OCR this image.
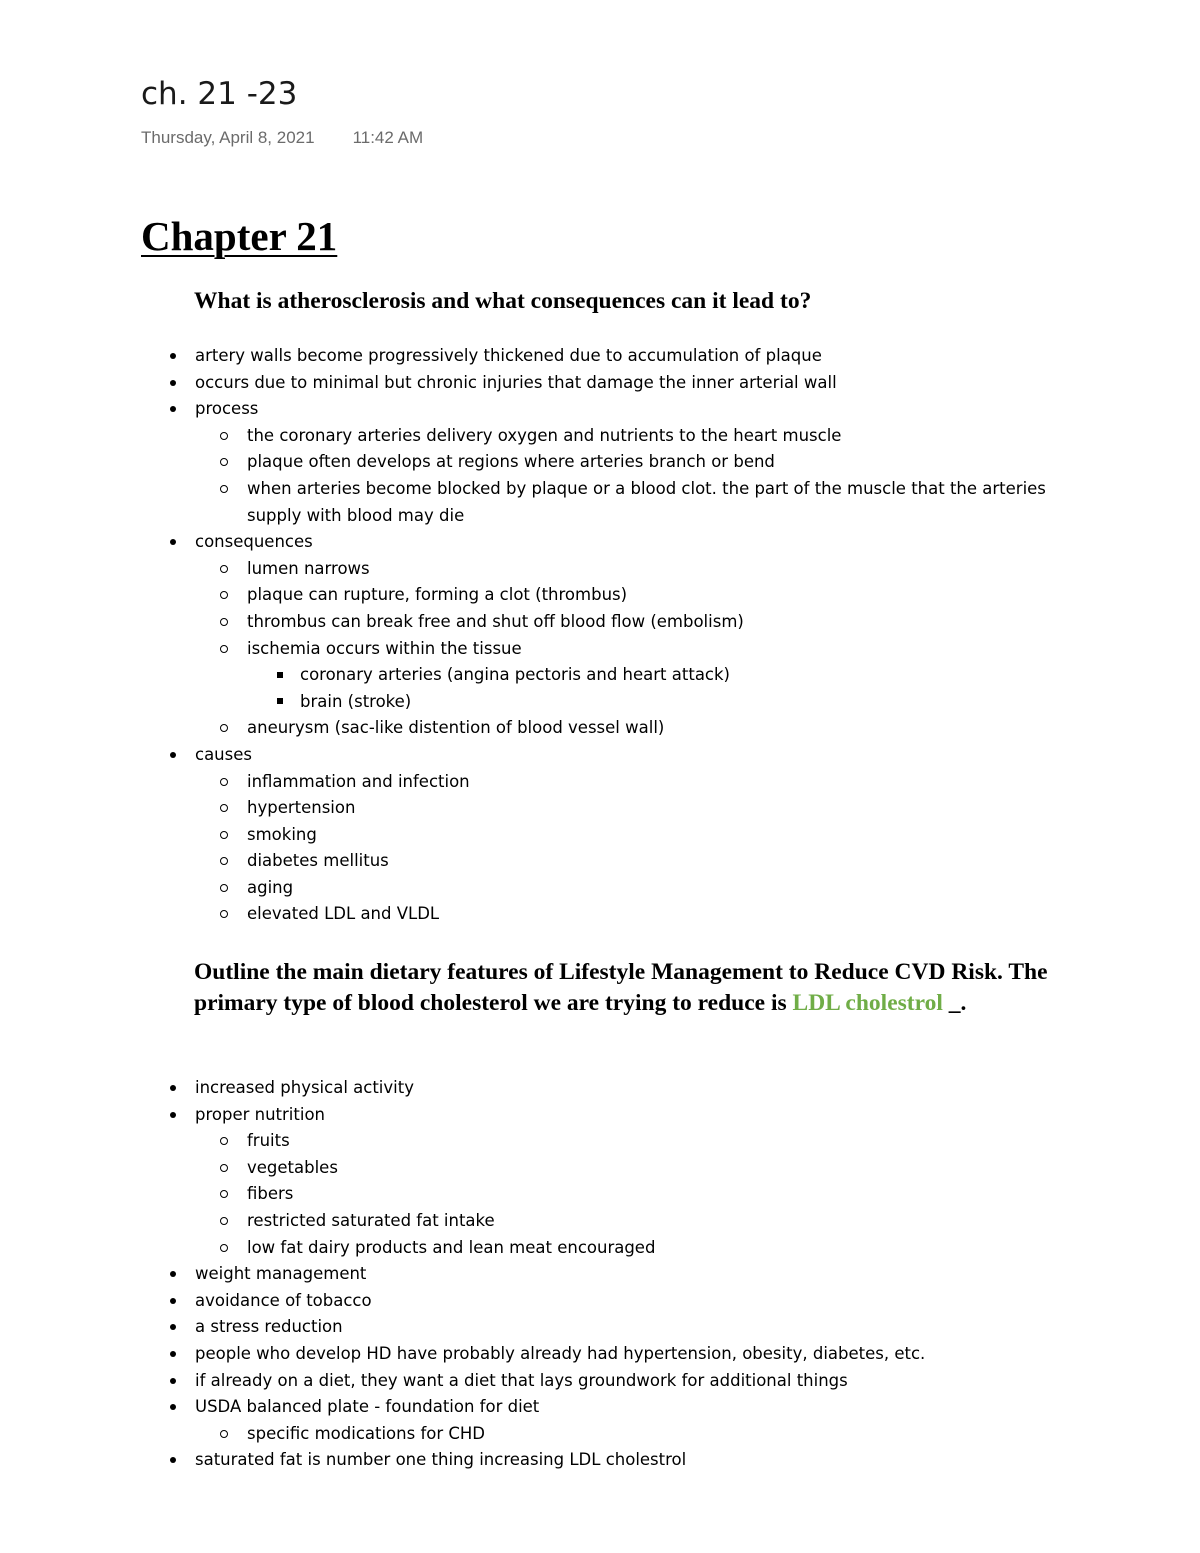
ch. 21 -23
Thursday, April 8, 2021 11:42 AM
Chapter 21
What is atherosclerosis and what consequences can it lead to?
artery walls become progressively thickened due to accumulation of plaque
occurs due to minimal but chronic injuries that damage the inner arterial wall
process
the coronary arteries delivery oxygen and nutrients to the heart muscle
plaque often develops at regions where arteries branch or bend
when arteries become blocked by plaque or a blood clot. the part of the muscle that the arteries supply with blood may die
consequences
lumen narrows
plaque can rupture, forming a clot (thrombus)
thrombus can break free and shut off blood flow (embolism)
ischemia occurs within the tissue
coronary arteries (angina pectoris and heart attack)
brain (stroke)
aneurysm (sac-like distention of blood vessel wall)
causes
inflammation and infection
hypertension
smoking
diabetes mellitus
aging
elevated LDL and VLDL
Outline the main dietary features of Lifestyle Management to Reduce CVD Risk. The primary type of blood cholesterol we are trying to reduce is LDL cholestrol _.
increased physical activity
proper nutrition
fruits
vegetables
fibers
restricted saturated fat intake
low fat dairy products and lean meat encouraged
weight management
avoidance of tobacco
a stress reduction
people who develop HD have probably already had hypertension, obesity, diabetes, etc.
if already on a diet, they want a diet that lays groundwork for additional things
USDA balanced plate - foundation for diet
specific modications for CHD
saturated fat is number one thing increasing LDL cholestrol
